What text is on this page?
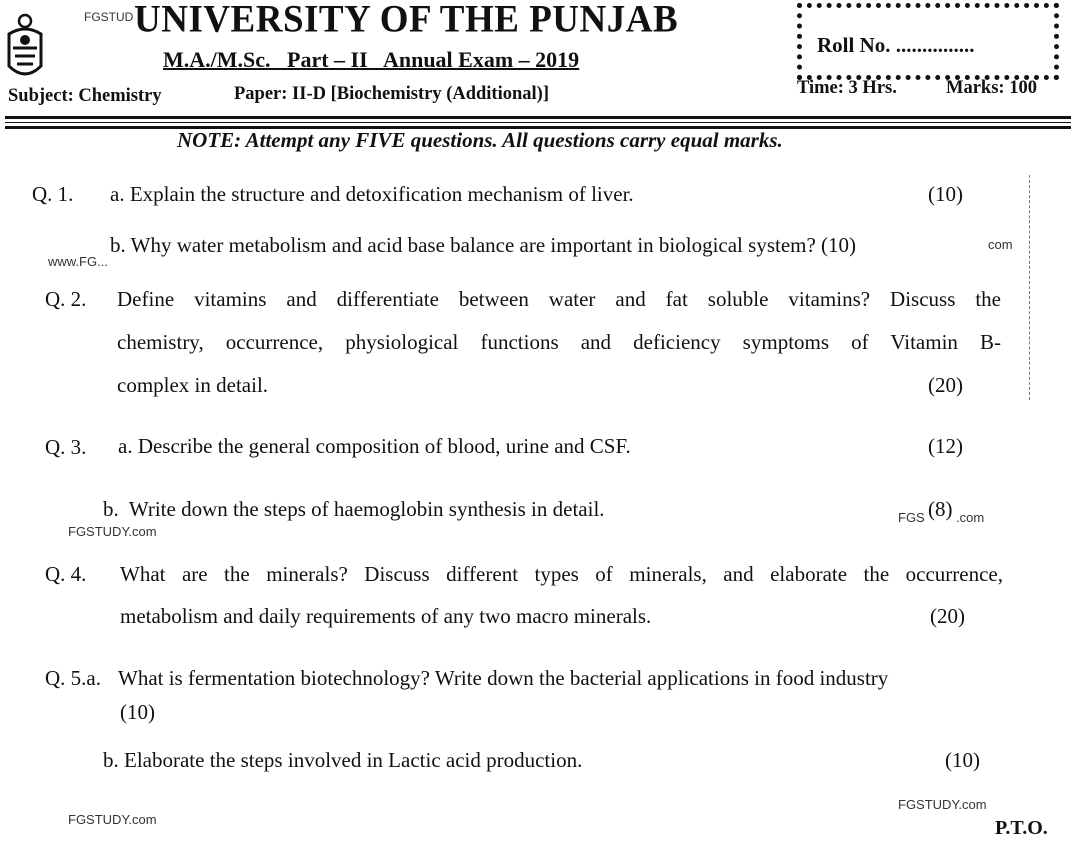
FGSTUD UNIVERSITY OF THE PUNJAB
M.A./M.Sc.   Part – II   Annual Exam – 2019
Subject: Chemistry	Paper: II-D [Biochemistry (Additional)]
Roll No. ...............
Time: 3 Hrs.	Marks: 100
NOTE: Attempt any FIVE questions. All questions carry equal marks.
Q. 1. a. Explain the structure and detoxification mechanism of liver.	(10)
b. Why water metabolism and acid base balance are important in biological system? (10)	com
www.FG...
Q. 2. Define vitamins and differentiate between water and fat soluble vitamins? Discuss the
chemistry, occurrence, physiological functions and deficiency symptoms of Vitamin B-
complex in detail.	(20)
Q. 3. a. Describe the general composition of blood, urine and CSF.	(12)
b.  Write down the steps of haemoglobin synthesis in detail.	FGS (8) .com
FGSTUDY.com
Q. 4. What are the minerals? Discuss different types of minerals, and elaborate the occurrence,
metabolism and daily requirements of any two macro minerals.	(20)
Q. 5.a. What is fermentation biotechnology? Write down the bacterial applications in food industry
(10)
b. Elaborate the steps involved in Lactic acid production.	(10)
FGSTUDY.com
FGSTUDY.com	P.T.O.
